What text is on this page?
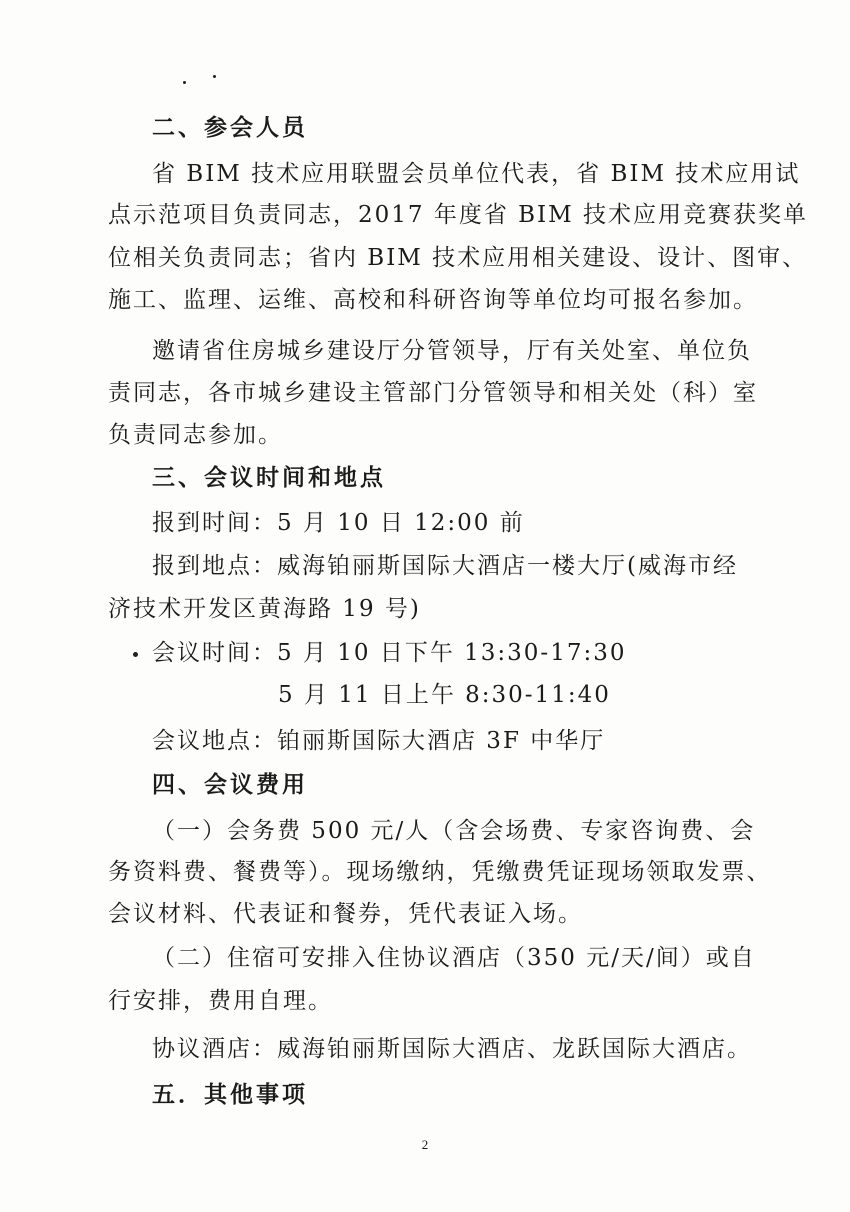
二、参会人员
省 BIM 技术应用联盟会员单位代表，省 BIM 技术应用试
点示范项目负责同志，2017 年度省 BIM 技术应用竞赛获奖单
位相关负责同志；省内 BIM 技术应用相关建设、设计、图审、
施工、监理、运维、高校和科研咨询等单位均可报名参加。
邀请省住房城乡建设厅分管领导，厅有关处室、单位负
责同志，各市城乡建设主管部门分管领导和相关处（科）室
负责同志参加。
三、会议时间和地点
报到时间：5 月 10 日 12:00 前
报到地点：威海铂丽斯国际大酒店一楼大厅(威海市经
济技术开发区黄海路 19 号)
会议时间：5 月 10 日下午 13:30-17:30
5 月 11 日上午 8:30-11:40
会议地点：铂丽斯国际大酒店 3F 中华厅
四、会议费用
（一）会务费 500 元/人（含会场费、专家咨询费、会
务资料费、餐费等）。现场缴纳，凭缴费凭证现场领取发票、
会议材料、代表证和餐券，凭代表证入场。
（二）住宿可安排入住协议酒店（350 元/天/间）或自
行安排，费用自理。
协议酒店：威海铂丽斯国际大酒店、龙跃国际大酒店。
五．其他事项
2
